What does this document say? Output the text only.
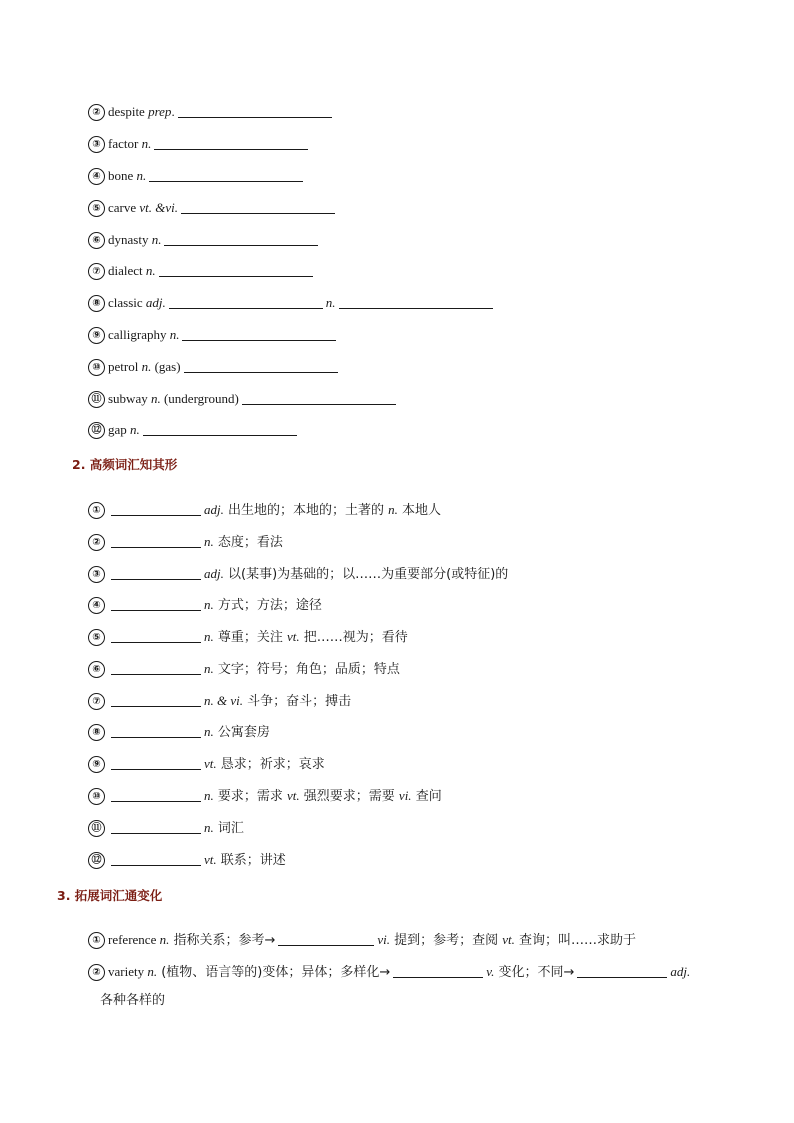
② despite prep.
③ factor n.
④ bone n.
⑤ carve vt. &vi.
⑥ dynasty n.
⑦ dialect n.
⑧ classic adj.	n.
⑨ calligraphy n.
⑩ petrol n. (gas)
⑪ subway n. (underground)
⑫ gap n.
2. 高频词汇知其形
①	adj. 出生地的；本地的；土著的 n. 本地人
②	n. 态度；看法
③	adj. 以(某事)为基础的；以……为重要部分(或特征)的
④	n. 方式；方法；途径
⑤	n. 尊重；关注 vt. 把……视为；看待
⑥	n. 文字；符号；角色；品质；特点
⑦	n. & vi. 斗争；奋斗；搏击
⑧	n. 公寓套房
⑨	vt. 恳求；祈求；哀求
⑩	n. 要求；需求 vt. 强烈要求；需要 vi. 查问
⑪	n. 词汇
⑫	vt. 联系；讲述
3. 拓展词汇通变化
① reference n. 指称关系；参考→	vi. 提到；参考；查阅 vt. 查询；叫……求助于
② variety n. (植物、语言等的)变体；异体；多样化→	v. 变化；不同→	adj.
各种各样的
